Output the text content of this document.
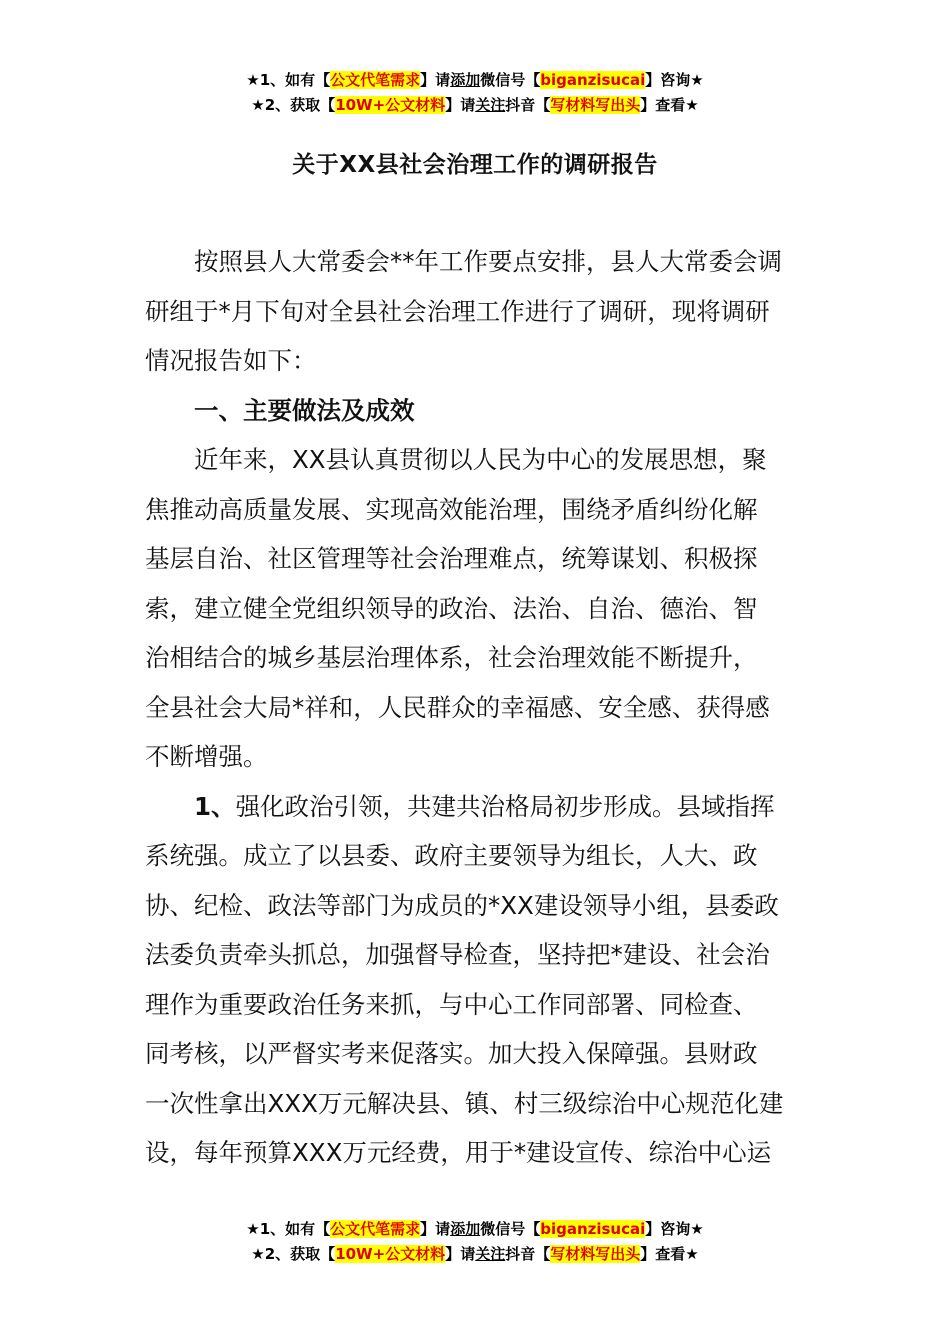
★1、如有【公文代笔需求】请添加微信号【biganzisucai】咨询★
★2、获取【10W+公文材料】请关注抖音【写材料写出头】查看★
关于XX县社会治理工作的调研报告
按照县人大常委会**年工作要点安排，县人大常委会调
研组于*月下旬对全县社会治理工作进行了调研，现将调研
情况报告如下：
一、主要做法及成效
近年来，XX县认真贯彻以人民为中心的发展思想，聚
焦推动高质量发展、实现高效能治理，围绕矛盾纠纷化解
基层自治、社区管理等社会治理难点，统筹谋划、积极探
索，建立健全党组织领导的政治、法治、自治、德治、智
治相结合的城乡基层治理体系，社会治理效能不断提升，
全县社会大局*祥和，人民群众的幸福感、安全感、获得感
不断增强。
1、强化政治引领，共建共治格局初步形成。县域指挥
系统强。成立了以县委、政府主要领导为组长，人大、政
协、纪检、政法等部门为成员的*XX建设领导小组，县委政
法委负责牵头抓总，加强督导检查，坚持把*建设、社会治
理作为重要政治任务来抓，与中心工作同部署、同检查、
同考核，以严督实考来促落实。加大投入保障强。县财政
一次性拿出XXX万元解决县、镇、村三级综治中心规范化建
设，每年预算XXX万元经费，用于*建设宣传、综治中心运
★1、如有【公文代笔需求】请添加微信号【biganzisucai】咨询★
★2、获取【10W+公文材料】请关注抖音【写材料写出头】查看★
